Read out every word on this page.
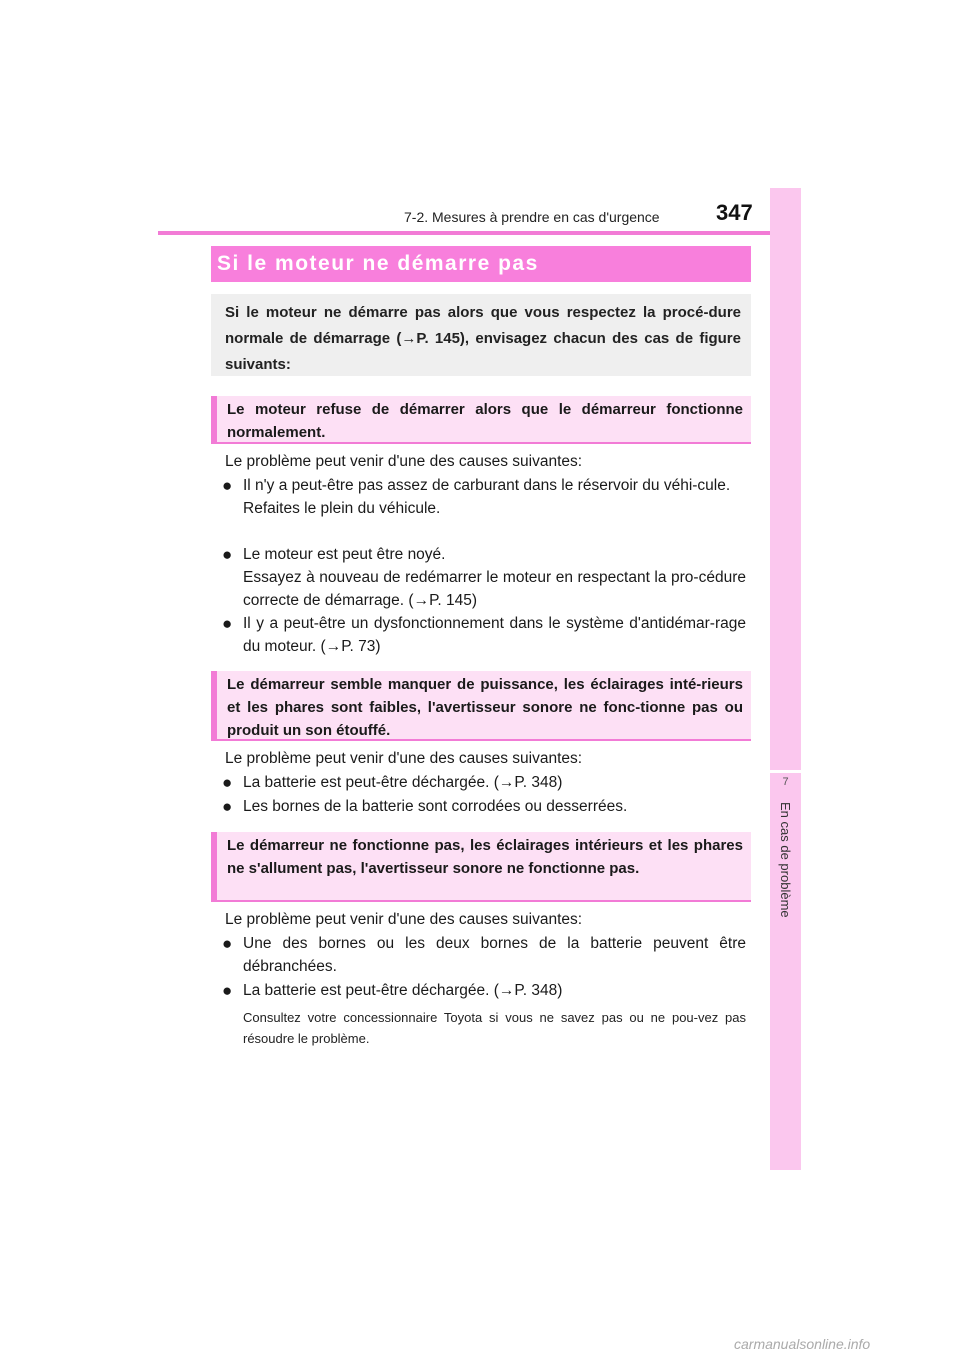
7-2. Mesures à prendre en cas d'urgence	347
7
En cas de problème
Si le moteur ne démarre pas
Si le moteur ne démarre pas alors que vous respectez la procé-dure normale de démarrage (→P. 145), envisagez chacun des cas de figure suivants:
Le moteur refuse de démarrer alors que le démarreur fonctionne normalement.
Le problème peut venir d'une des causes suivantes:
● Il n'y a peut-être pas assez de carburant dans le réservoir du véhi-cule.
Refaites le plein du véhicule.
● Le moteur est peut être noyé.
Essayez à nouveau de redémarrer le moteur en respectant la pro-cédure correcte de démarrage. (→P. 145)
● Il y a peut-être un dysfonctionnement dans le système d'antidémar-rage du moteur. (→P. 73)
Le démarreur semble manquer de puissance, les éclairages inté-rieurs et les phares sont faibles, l'avertisseur sonore ne fonc-tionne pas ou produit un son étouffé.
Le problème peut venir d'une des causes suivantes:
● La batterie est peut-être déchargée. (→P. 348)
● Les bornes de la batterie sont corrodées ou desserrées.
Le démarreur ne fonctionne pas, les éclairages intérieurs et les phares ne s'allument pas, l'avertisseur sonore ne fonctionne pas.
Le problème peut venir d'une des causes suivantes:
● Une des bornes ou les deux bornes de la batterie peuvent être débranchées.
● La batterie est peut-être déchargée. (→P. 348)
Consultez votre concessionnaire Toyota si vous ne savez pas ou ne pou-vez pas résoudre le problème.
carmanualsonline.info
